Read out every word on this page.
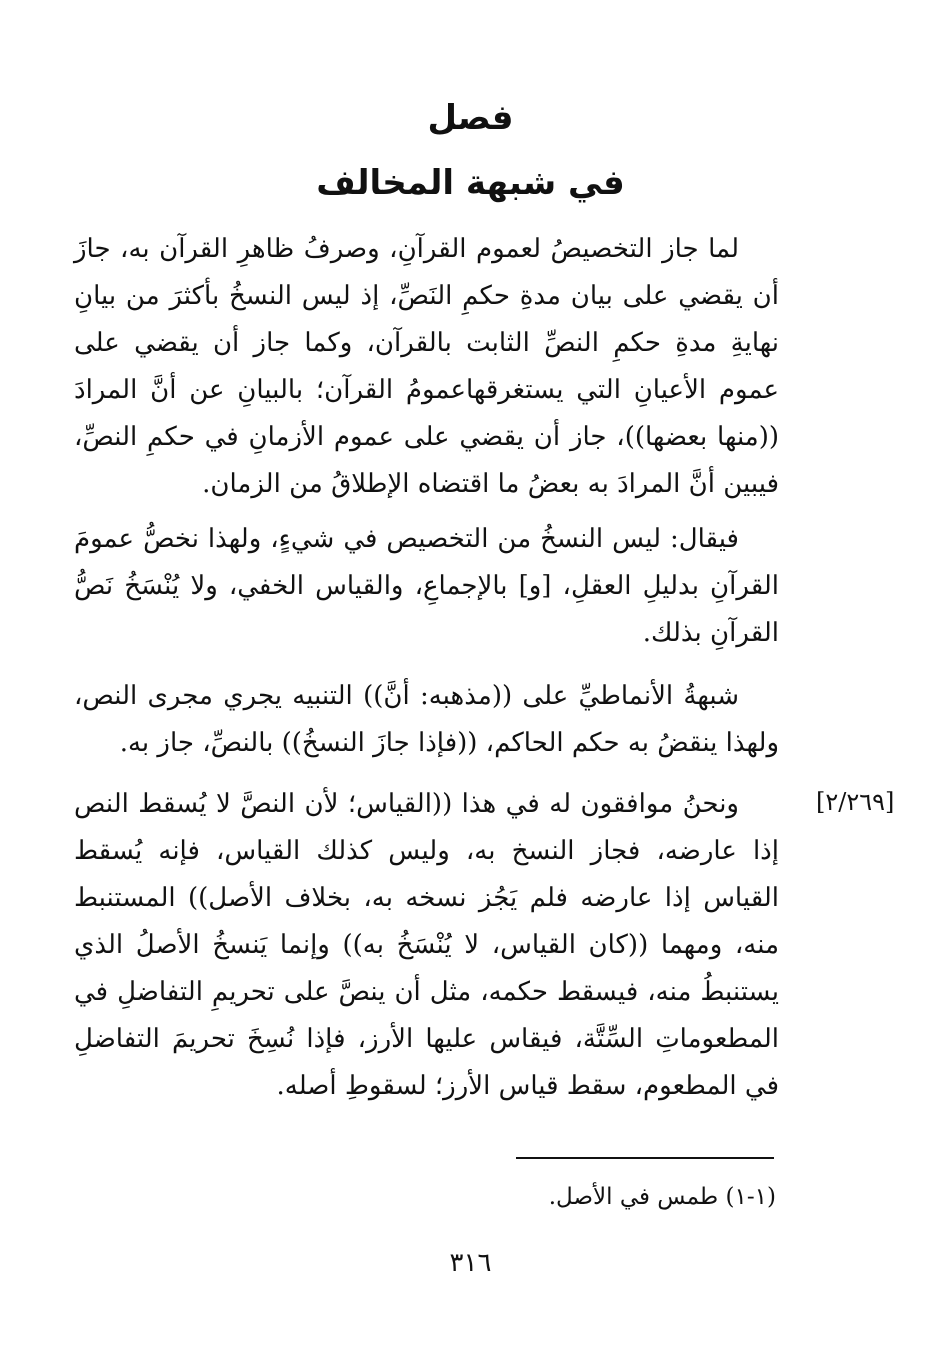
فصل
في شبهة المخالف
لما جاز التخصيصُ لعموم القرآنِ، وصرفُ ظاهرِ القرآن به، جازَ أن يقضي على بيان مدةِ حكمِ النَصِّ، إذ ليس النسخُ بأكثرَ من بيانِ نهايةِ مدةِ حكمِ النصِّ الثابت بالقرآن، وكما جاز أن يقضي على عموم الأعيانِ التي يستغرقهاعمومُ القرآن؛ بالبيانِ عن أنَّ المرادَ ((منها بعضها))، جاز أن يقضي على عموم الأزمانِ في حكمِ النصِّ، فيبين أنَّ المرادَ به بعضُ ما اقتضاه الإطلاقُ من الزمان.
فيقال: ليس النسخُ من التخصيص في شيءٍ، ولهذا نخصُّ عمومَ القرآنِ بدليلِ العقلِ، [و] بالإجماعِ، والقياس الخفي، ولا يُنْسَخُ نَصُّ القرآنِ بذلك.
شبهةُ الأنماطيِّ على ((مذهبه: أنَّ)) التنبيه يجري مجرى النص، ولهذا ينقضُ به حكم الحاكم، ((فإذا جازَ النسخُ)) بالنصِّ، جاز به.
ونحنُ موافقون له في هذا ((القياس؛ لأن النصَّ لا يُسقط النص إذا عارضه، فجاز النسخ به، وليس كذلك القياس، فإنه يُسقط القياس إذا عارضه فلم يَجُز نسخه به، بخلاف الأصل)) المستنبط منه، ومهما ((كان القياس، لا يُنْسَخُ به)) وإنما يَنسخُ الأصلُ الذي يستنبطُ منه، فيسقط حكمه، مثل أن ينصَّ على تحريمِ التفاضلِ في المطعوماتِ السِّتَّة، فيقاس عليها الأرز، فإذا نُسِخَ تحريمَ التفاضلِ في المطعوم، سقط قياس الأرز؛ لسقوطِ أصله.
[٢/٢٦٩]
(١-١) طمس في الأصل.
٣١٦
